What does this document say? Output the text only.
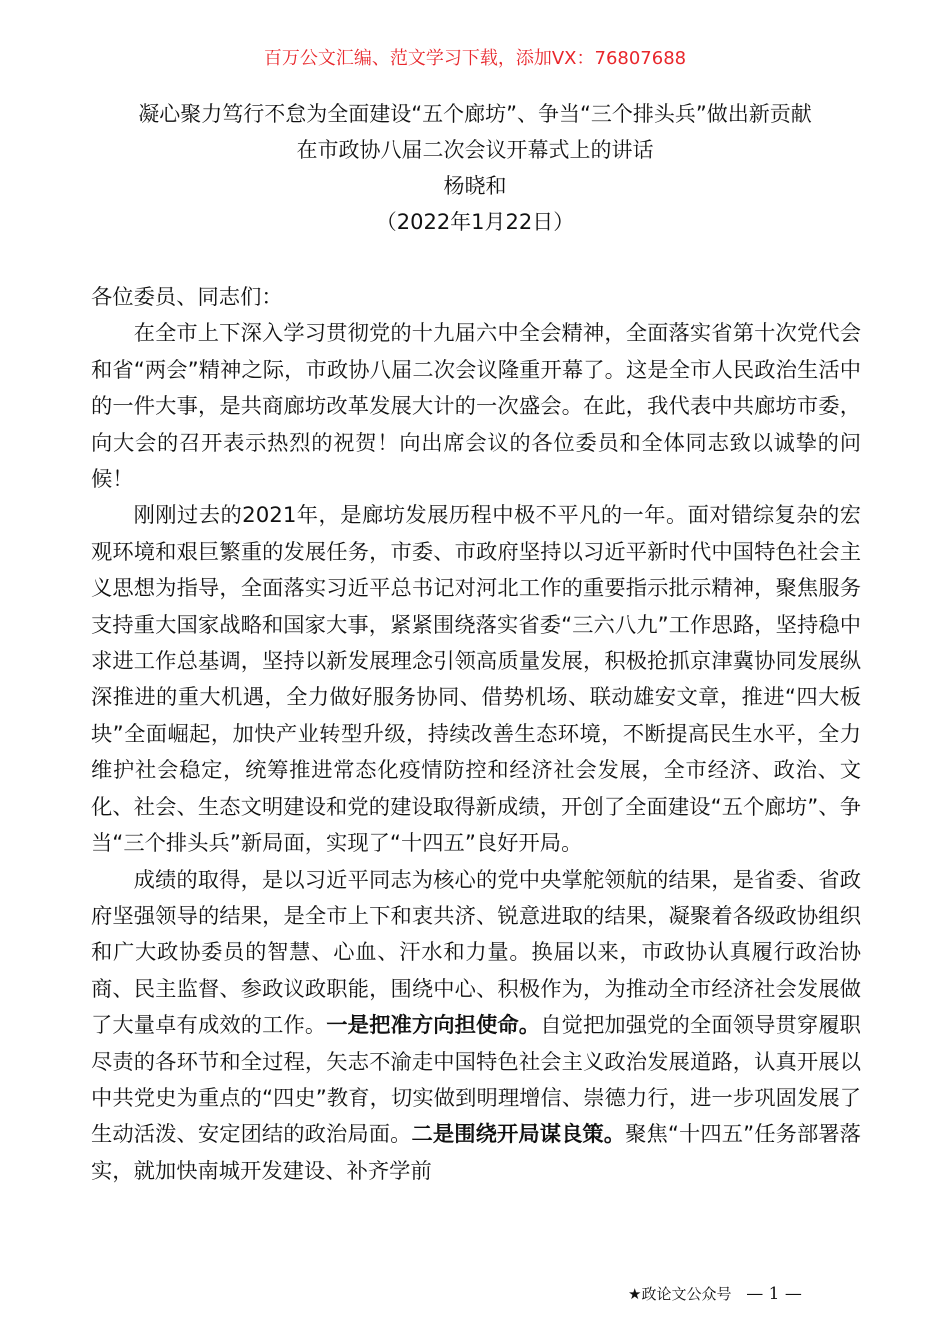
百万公文汇编、范文学习下载，添加VX：76807688
凝心聚力笃行不怠为全面建设“五个廊坊”、争当“三个排头兵”做出新贡献
在市政协八届二次会议开幕式上的讲话
杨晓和
（2022年1月22日）

各位委员、同志们：

在全市上下深入学习贯彻党的十九届六中全会精神，全面落实省第十次党代会和省“两会”精神之际，市政协八届二次会议隆重开幕了。这是全市人民政治生活中的一件大事，是共商廊坊改革发展大计的一次盛会。在此，我代表中共廊坊市委，向大会的召开表示热烈的祝贺！向出席会议的各位委员和全体同志致以诚挚的问候！

刚刚过去的2021年，是廊坊发展历程中极不平凡的一年。面对错综复杂的宏观环境和艰巨繁重的发展任务，市委、市政府坚持以习近平新时代中国特色社会主义思想为指导，全面落实习近平总书记对河北工作的重要指示批示精神，聚焦服务支持重大国家战略和国家大事，紧紧围绕落实省委“三六八九”工作思路，坚持稳中求进工作总基调，坚持以新发展理念引领高质量发展，积极抢抓京津冀协同发展纵深推进的重大机遇，全力做好服务协同、借势机场、联动雄安文章，推进“四大板块”全面崛起，加快产业转型升级，持续改善生态环境，不断提高民生水平，全力维护社会稳定，统筹推进常态化疫情防控和经济社会发展，全市经济、政治、文化、社会、生态文明建设和党的建设取得新成绩，开创了全面建设“五个廊坊”、争当“三个排头兵”新局面，实现了“十四五”良好开局。

成绩的取得，是以习近平同志为核心的党中央掌舵领航的结果，是省委、省政府坚强领导的结果，是全市上下和衷共济、锐意进取的结果，凝聚着各级政协组织和广大政协委员的智慧、心血、汗水和力量。换届以来，市政协认真履行政治协商、民主监督、参政议政职能，围绕中心、积极作为，为推动全市经济社会发展做了大量卓有成效的工作。一是把准方向担使命。自觉把加强党的全面领导贯穿履职尽责的各环节和全过程，矢志不渝走中国特色社会主义政治发展道路，认真开展以中共党史为重点的“四史”教育，切实做到明理增信、崇德力行，进一步巩固发展了生动活泼、安定团结的政治局面。二是围绕开局谋良策。聚焦“十四五”任务部署落实，就加快南城开发建设、补齐学前

★政论文公众号 — 1 —
